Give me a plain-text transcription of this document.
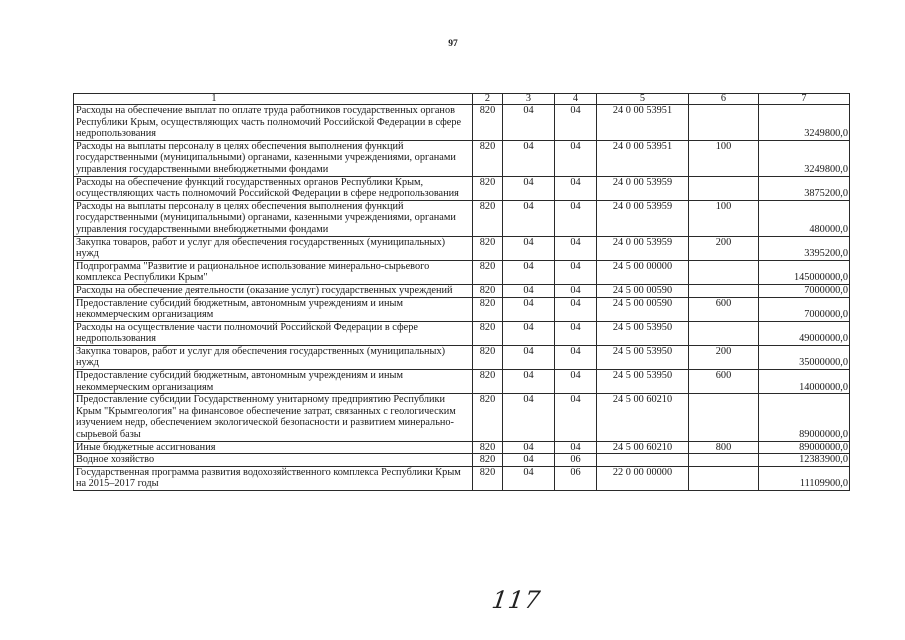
97
1	2	3	4	5	6	7
Расходы на обеспечение выплат по оплате труда работников государственных органов Республики Крым, осуществляющих часть полномочий Российской Федерации в сфере недропользования	820	04	04	24 0 00 53951		3249800,0
Расходы на выплаты персоналу в целях обеспечения выполнения функций государственными (муниципальными) органами, казенными учреждениями, органами управления государственными внебюджетными фондами	820	04	04	24 0 00 53951	100	3249800,0
Расходы на обеспечение функций государственных органов Республики Крым, осуществляющих часть полномочий Российской Федерации в сфере недропользования	820	04	04	24 0 00 53959		3875200,0
Расходы на выплаты персоналу в целях обеспечения выполнения функций государственными (муниципальными) органами, казенными учреждениями, органами управления государственными внебюджетными фондами	820	04	04	24 0 00 53959	100	480000,0
Закупка товаров, работ и услуг для обеспечения государственных (муниципальных) нужд	820	04	04	24 0 00 53959	200	3395200,0
Подпрограмма "Развитие и рациональное использование минерально-сырьевого комплекса Республики Крым"	820	04	04	24 5 00 00000		145000000,0
Расходы на обеспечение деятельности (оказание услуг) государственных учреждений	820	04	04	24 5 00 00590		7000000,0
Предоставление субсидий бюджетным, автономным учреждениям и иным некоммерческим организациям	820	04	04	24 5 00 00590	600	7000000,0
Расходы на осуществление части полномочий Российской Федерации в сфере недропользования	820	04	04	24 5 00 53950		49000000,0
Закупка товаров, работ и услуг для обеспечения государственных (муниципальных) нужд	820	04	04	24 5 00 53950	200	35000000,0
Предоставление субсидий бюджетным, автономным учреждениям и иным некоммерческим организациям	820	04	04	24 5 00 53950	600	14000000,0
Предоставление субсидии Государственному унитарному предприятию Республики Крым "Крымгеология" на финансовое обеспечение затрат, связанных с геологическим изучением недр, обеспечением экологической безопасности и развитием минерально-сырьевой базы	820	04	04	24 5 00 60210		89000000,0
Иные бюджетные ассигнования	820	04	04	24 5 00 60210	800	89000000,0
Водное хозяйство	820	04	06			12383900,0
Государственная программа развития водохозяйственного комплекса Республики Крым на 2015–2017 годы	820	04	06	22 0 00 00000		11109900,0
117
